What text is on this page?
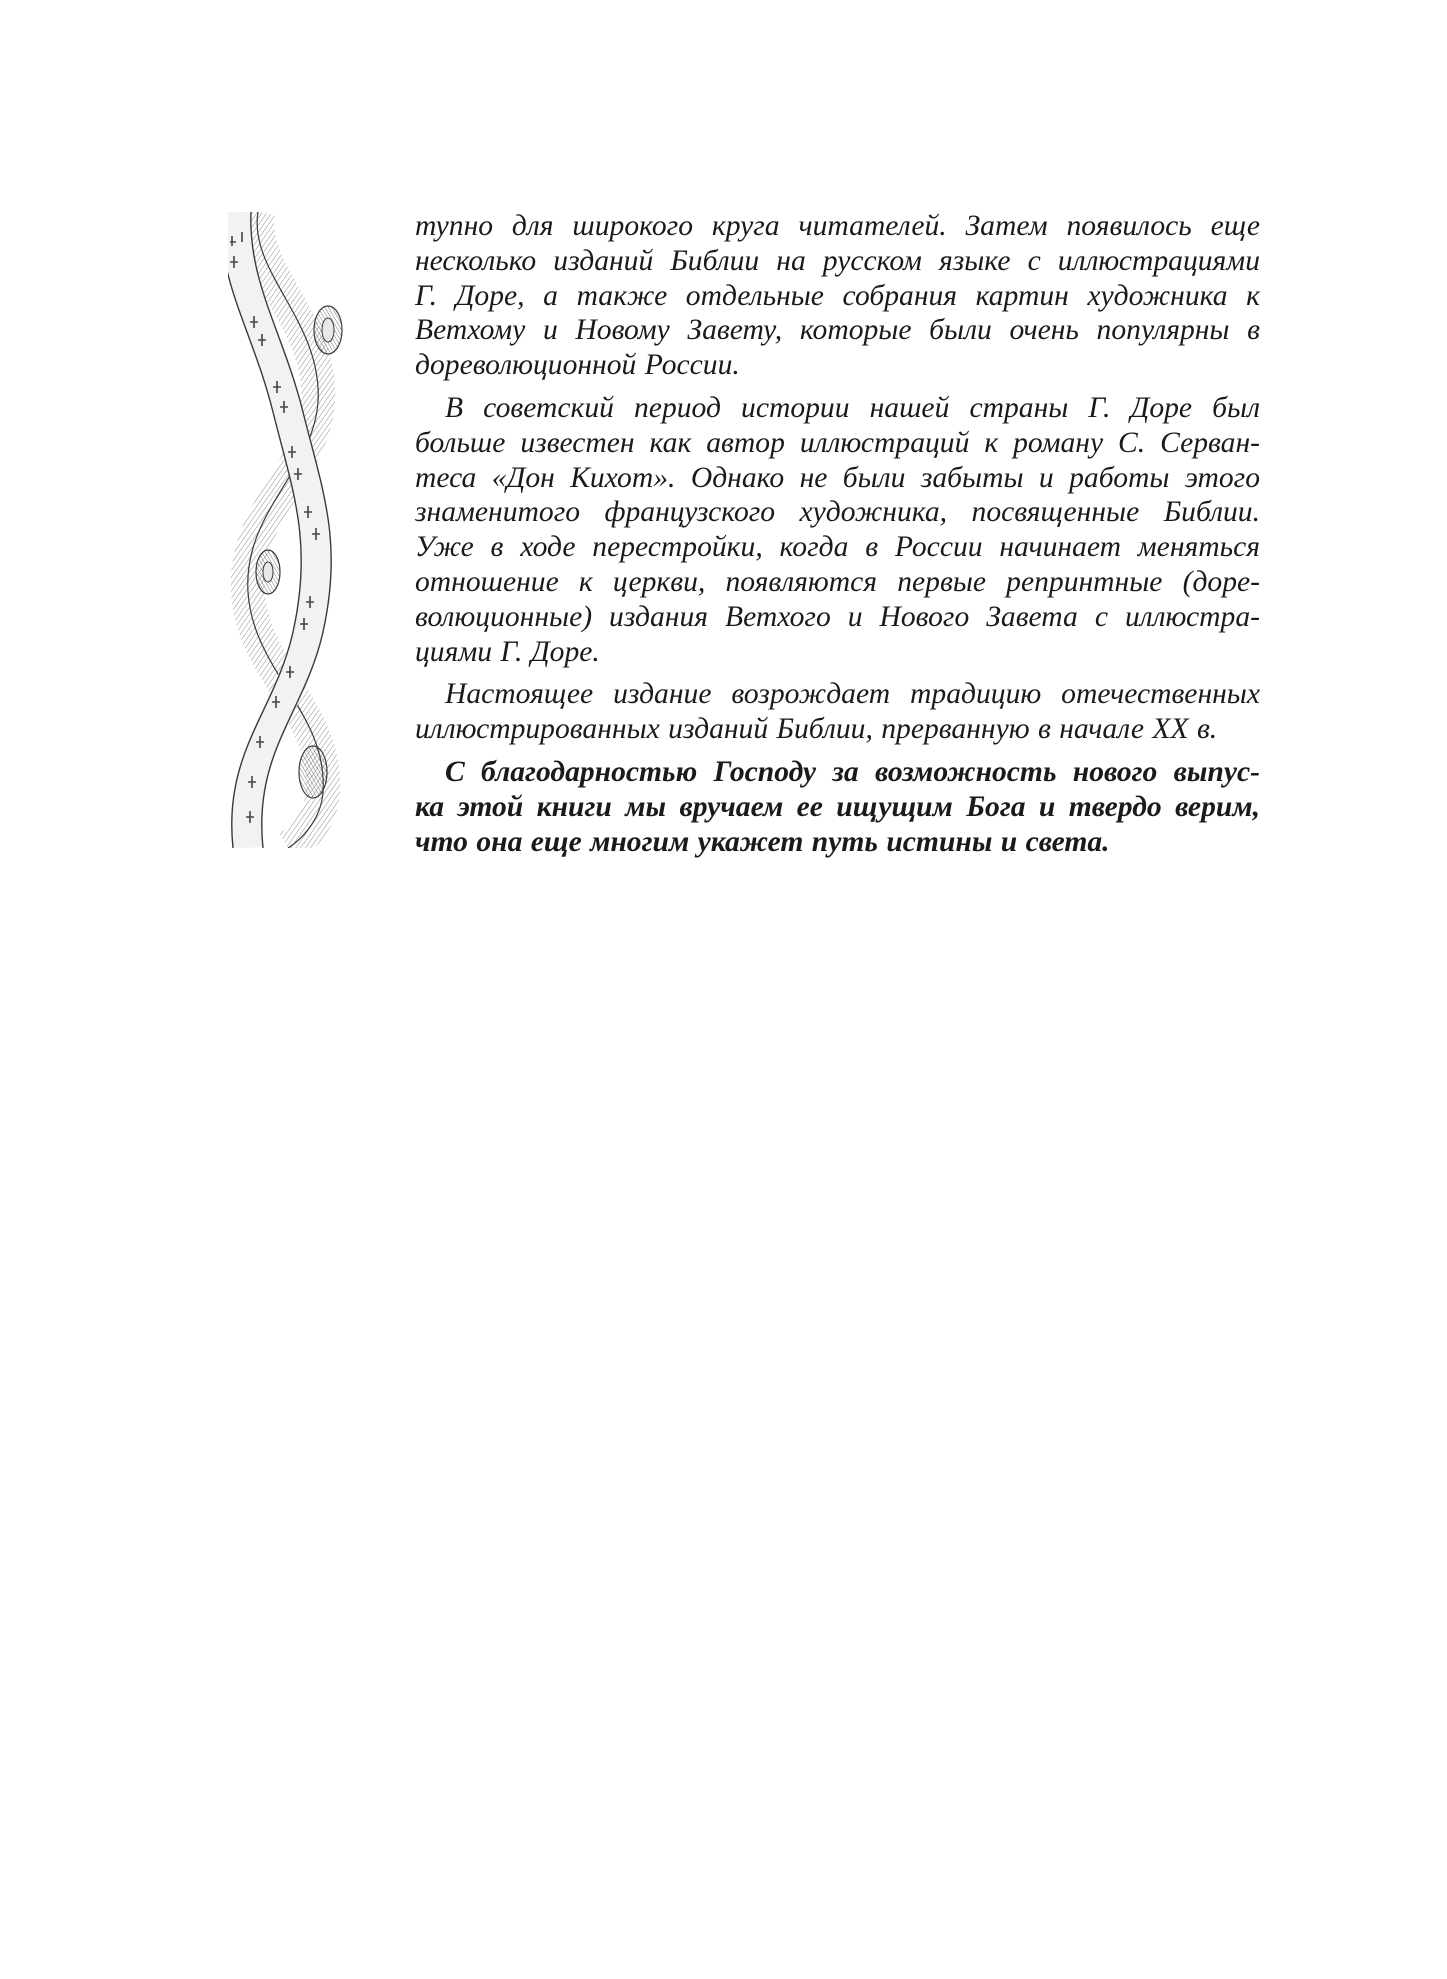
тупно для широкого круга читателей. Затем появилось еще
несколько изданий Библии на русском языке с иллюстрациями
Г. Доре, а также отдельные собрания картин художника к
Ветхому и Новому Завету, которые были очень популярны в
дореволюционной России.

В советский период истории нашей страны Г. Доре был
больше известен как автор иллюстраций к роману С. Серван-
теса «Дон Кихот». Однако не были забыты и работы этого
знаменитого французского художника, посвященные Библии.
Уже в ходе перестройки, когда в России начинает меняться
отношение к церкви, появляются первые репринтные (доре-
волюционные) издания Ветхого и Нового Завета с иллюстра-
циями Г. Доре.

Настоящее издание возрождает традицию отечественных
иллюстрированных изданий Библии, прерванную в начале XX в.

С благодарностью Господу за возможность нового выпус-
ка этой книги мы вручаем ее ищущим Бога и твердо верим,
что она еще многим укажет путь истины и света.
